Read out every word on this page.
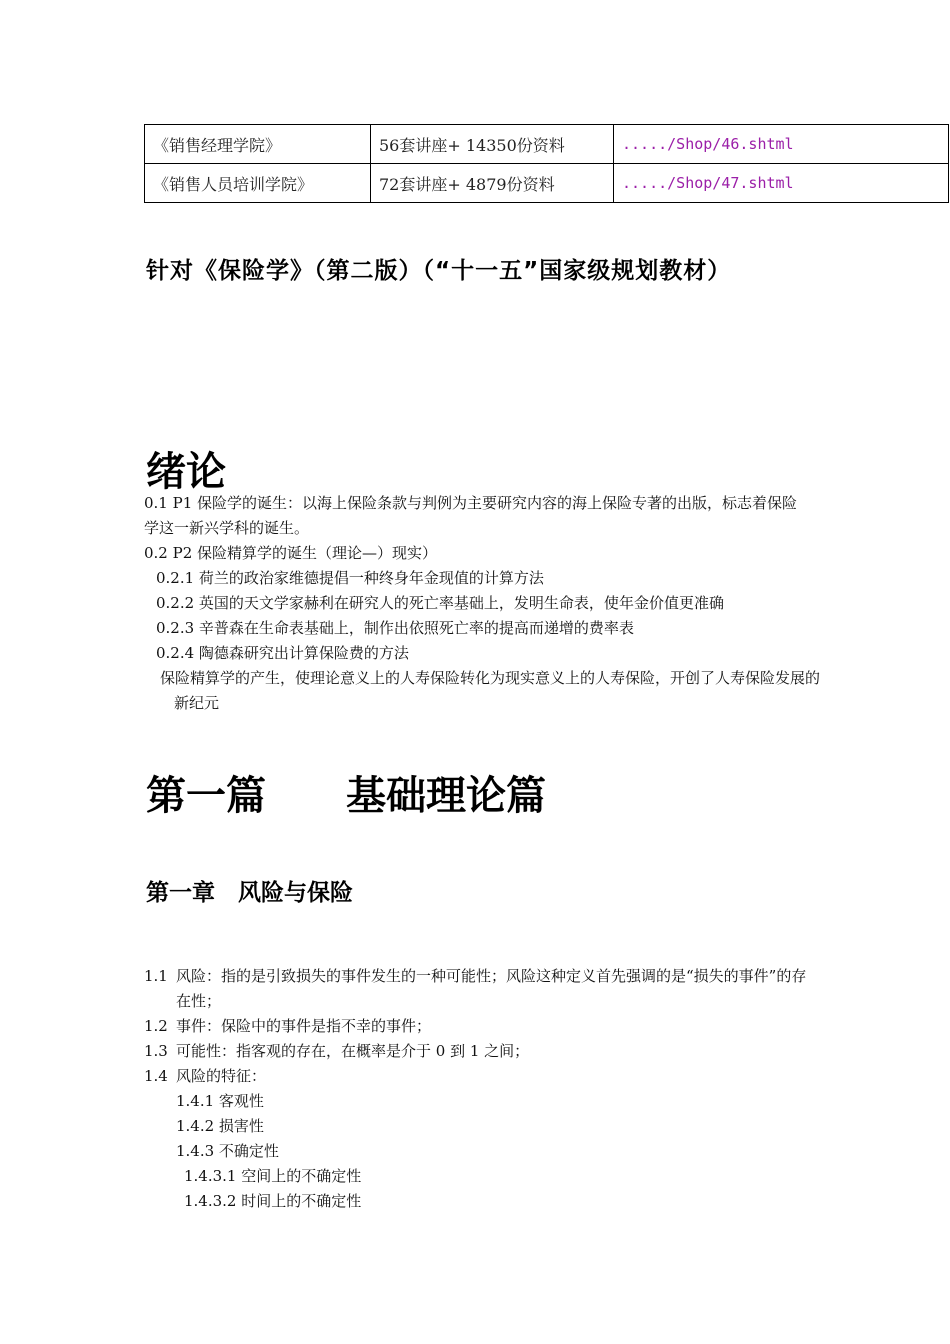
《销售经理学院》	56套讲座+ 14350份资料	...../Shop/46.shtml
《销售人员培训学院》	72套讲座+ 4879份资料	...../Shop/47.shtml
针对《保险学》（第二版）（“十一五”国家级规划教材）
绪论
0.1 P1 保险学的诞生：以海上保险条款与判例为主要研究内容的海上保险专著的出版，标志着保险学这一新兴学科的诞生。
0.2 P2 保险精算学的诞生（理论—）现实）
0.2.1 荷兰的政治家维德提倡一种终身年金现值的计算方法
0.2.2 英国的天文学家赫利在研究人的死亡率基础上，发明生命表，使年金价值更准确
0.2.3 辛普森在生命表基础上，制作出依照死亡率的提高而递增的费率表
0.2.4 陶德森研究出计算保险费的方法
保险精算学的产生，使理论意义上的人寿保险转化为现实意义上的人寿保险，开创了人寿保险发展的新纪元
第一篇　　基础理论篇
第一章　风险与保险
1.1 风险：指的是引致损失的事件发生的一种可能性；风险这种定义首先强调的是“损失的事件”的存在性；
1.2 事件：保险中的事件是指不幸的事件；
1.3 可能性：指客观的存在，在概率是介于 0 到 1 之间；
1.4 风险的特征：
1.4.1 客观性
1.4.2 损害性
1.4.3 不确定性
1.4.3.1 空间上的不确定性
1.4.3.2 时间上的不确定性
